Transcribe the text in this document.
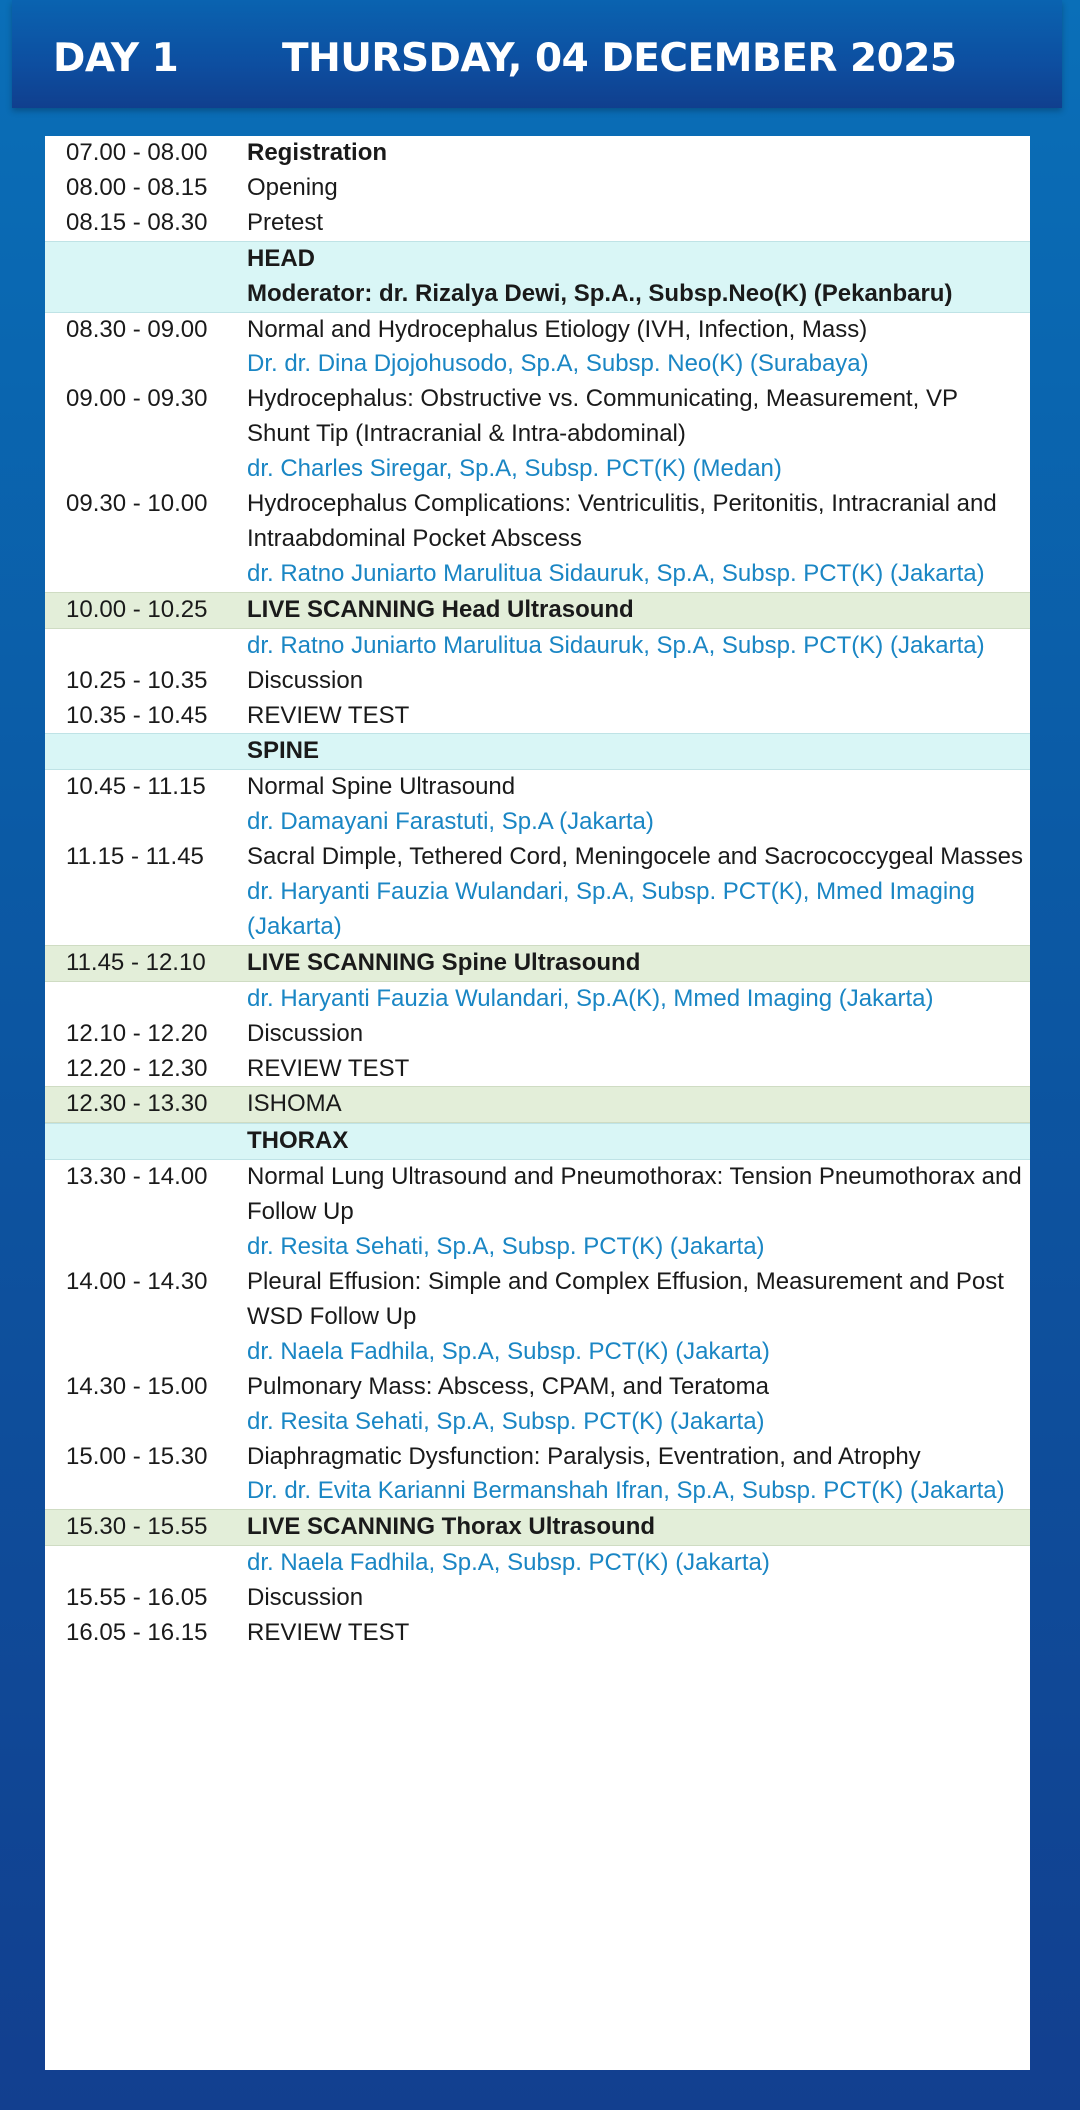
DAY 1	THURSDAY, 04 DECEMBER 2025
07.00 - 08.00	Registration
08.00 - 08.15	Opening
08.15 - 08.30	Pretest
HEAD
Moderator: dr. Rizalya Dewi, Sp.A., Subsp.Neo(K) (Pekanbaru)
08.30 - 09.00	Normal and Hydrocephalus Etiology (IVH, Infection, Mass)
Dr. dr. Dina Djojohusodo, Sp.A, Subsp. Neo(K) (Surabaya)
09.00 - 09.30	Hydrocephalus: Obstructive vs. Communicating, Measurement, VP Shunt Tip (Intracranial & Intra-abdominal)
dr. Charles Siregar, Sp.A, Subsp. PCT(K) (Medan)
09.30 - 10.00	Hydrocephalus Complications: Ventriculitis, Peritonitis, Intracranial and Intraabdominal Pocket Abscess
dr. Ratno Juniarto Marulitua Sidauruk, Sp.A, Subsp. PCT(K) (Jakarta)
10.00 - 10.25	LIVE SCANNING Head Ultrasound
dr. Ratno Juniarto Marulitua Sidauruk, Sp.A, Subsp. PCT(K) (Jakarta)
10.25 - 10.35	Discussion
10.35 - 10.45	REVIEW TEST
SPINE
10.45 - 11.15	Normal Spine Ultrasound
dr. Damayani Farastuti, Sp.A (Jakarta)
11.15 - 11.45	Sacral Dimple, Tethered Cord, Meningocele and Sacrococcygeal Masses
dr. Haryanti Fauzia Wulandari, Sp.A, Subsp. PCT(K), Mmed Imaging (Jakarta)
11.45 - 12.10	LIVE SCANNING Spine Ultrasound
dr. Haryanti Fauzia Wulandari, Sp.A(K), Mmed Imaging (Jakarta)
12.10 - 12.20	Discussion
12.20 - 12.30	REVIEW TEST
12.30 - 13.30	ISHOMA
THORAX
13.30 - 14.00	Normal Lung Ultrasound and Pneumothorax: Tension Pneumothorax and Follow Up
dr. Resita Sehati, Sp.A, Subsp. PCT(K) (Jakarta)
14.00 - 14.30	Pleural Effusion: Simple and Complex Effusion, Measurement and Post WSD Follow Up
dr. Naela Fadhila, Sp.A, Subsp. PCT(K) (Jakarta)
14.30 - 15.00	Pulmonary Mass: Abscess, CPAM, and Teratoma
dr. Resita Sehati, Sp.A, Subsp. PCT(K) (Jakarta)
15.00 - 15.30	Diaphragmatic Dysfunction: Paralysis, Eventration, and Atrophy
Dr. dr. Evita Karianni Bermanshah Ifran, Sp.A, Subsp. PCT(K) (Jakarta)
15.30 - 15.55	LIVE SCANNING Thorax Ultrasound
dr. Naela Fadhila, Sp.A, Subsp. PCT(K) (Jakarta)
15.55 - 16.05	Discussion
16.05 - 16.15	REVIEW TEST
